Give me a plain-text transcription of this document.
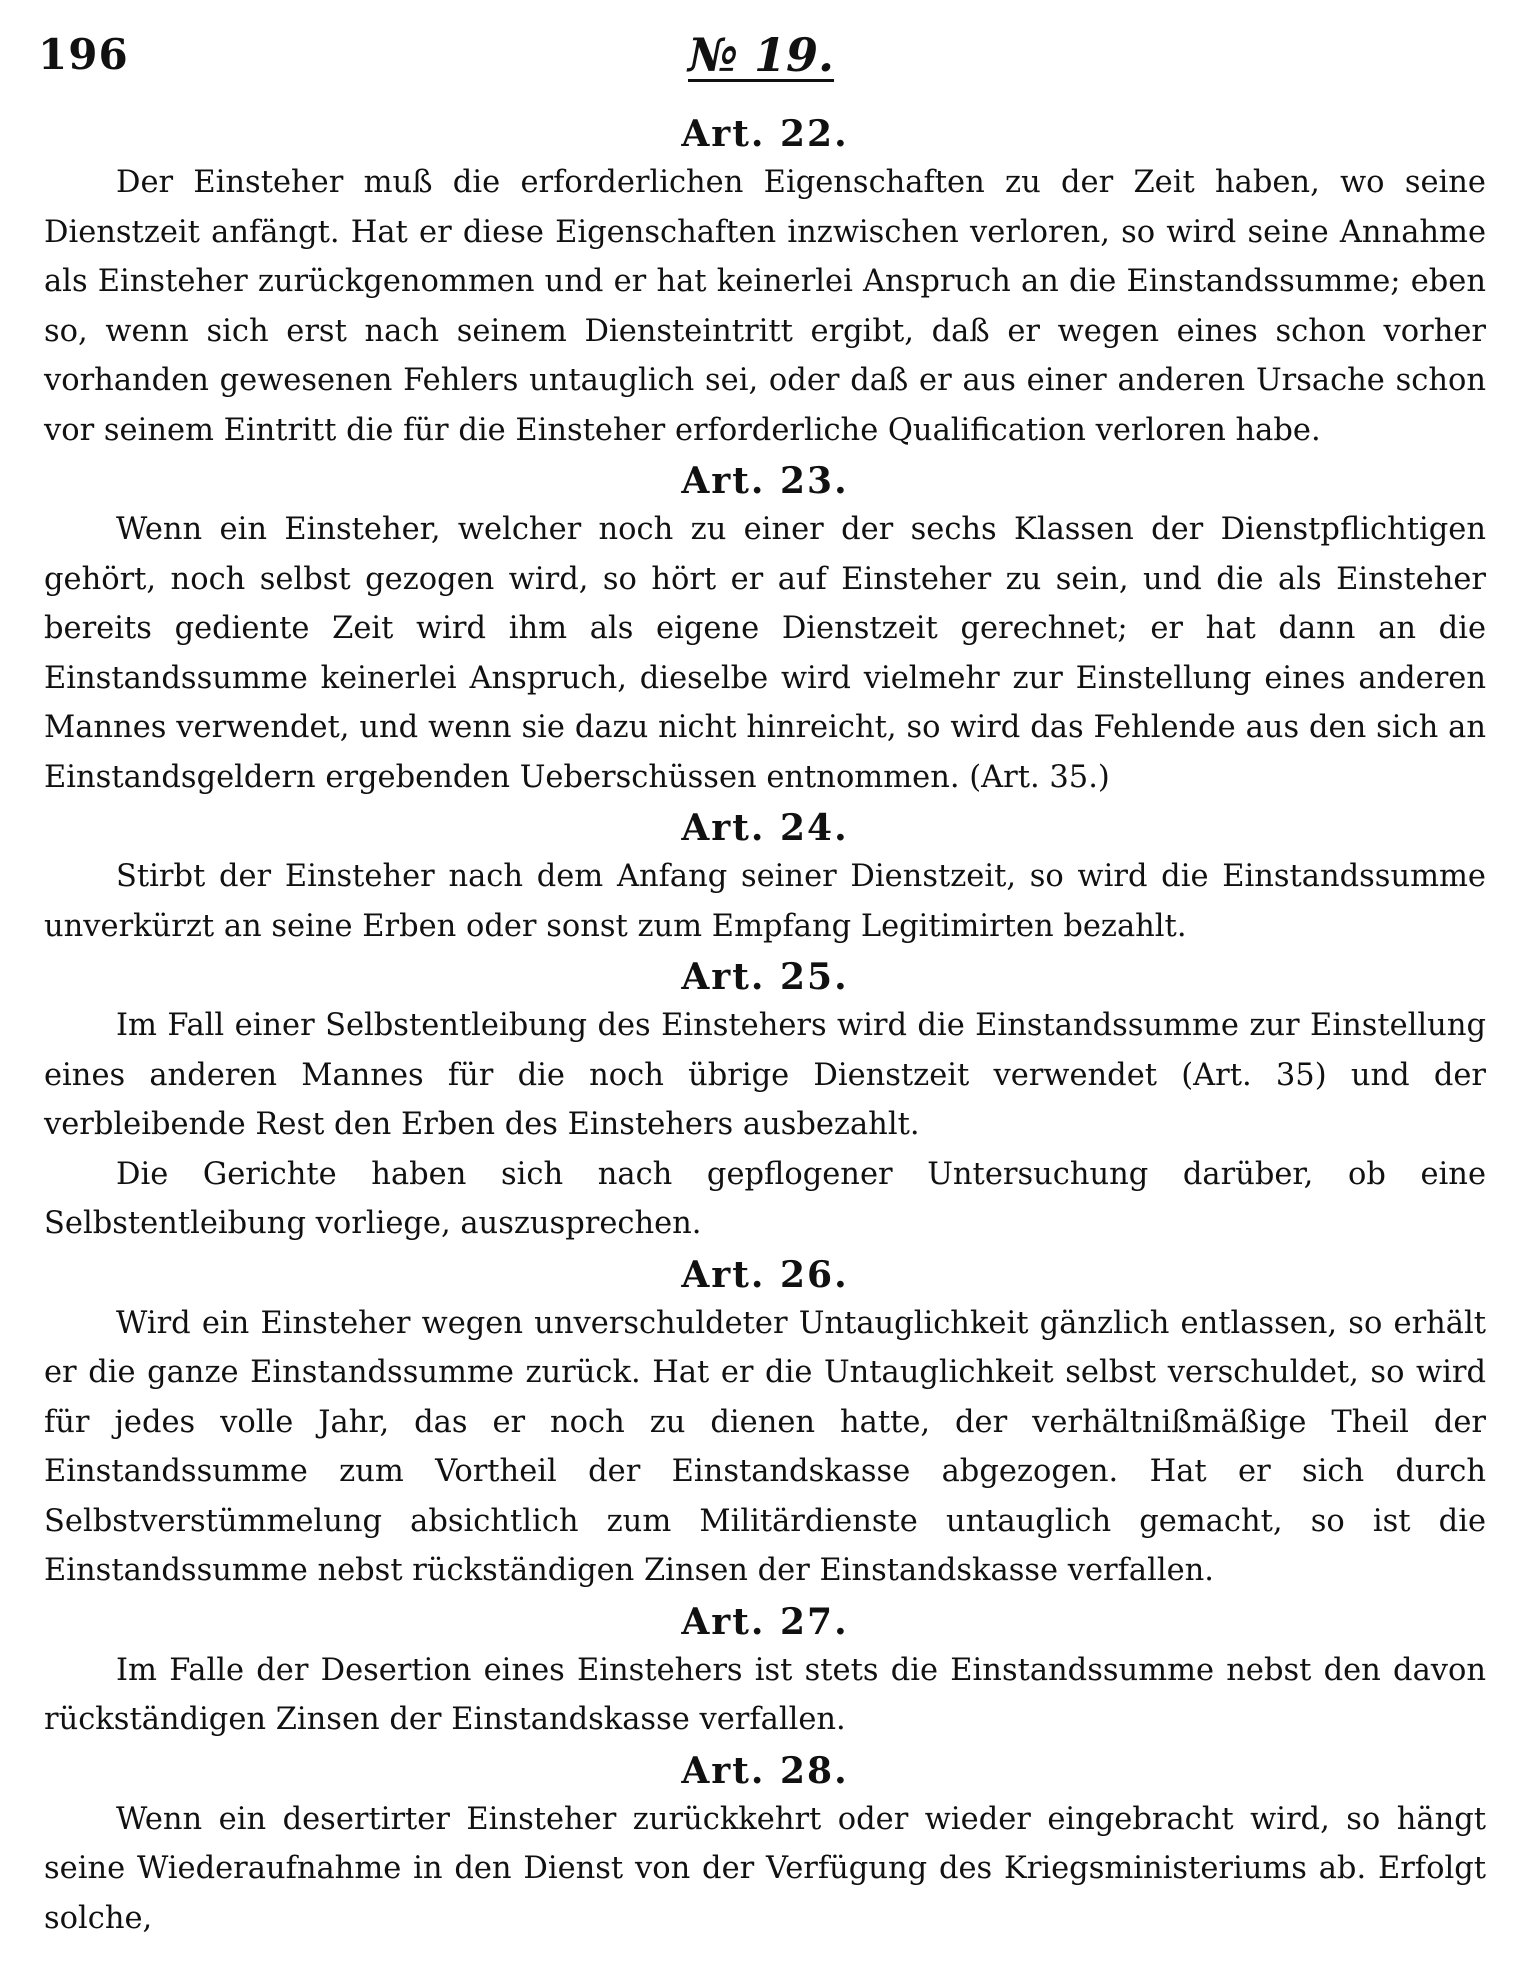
196	№ 19.
Art. 22.

Der Einsteher muß die erforderlichen Eigenschaften zu der Zeit haben, wo seine Dienstzeit anfängt. Hat er diese Eigenschaften inzwischen verloren, so wird seine Annahme als Einsteher zurückgenommen und er hat keinerlei Anspruch an die Einstandssumme; eben so, wenn sich erst nach seinem Diensteintritt ergibt, daß er wegen eines schon vorher vorhanden gewesenen Fehlers untauglich sei, oder daß er aus einer anderen Ursache schon vor seinem Eintritt die für die Einsteher erforderliche Qualification verloren habe.

Art. 23.

Wenn ein Einsteher, welcher noch zu einer der sechs Klassen der Dienstpflichtigen gehört, noch selbst gezogen wird, so hört er auf Einsteher zu sein, und die als Einsteher bereits gediente Zeit wird ihm als eigene Dienstzeit gerechnet; er hat dann an die Einstandssumme keinerlei Anspruch, dieselbe wird vielmehr zur Einstellung eines anderen Mannes verwendet, und wenn sie dazu nicht hinreicht, so wird das Fehlende aus den sich an Einstandsgeldern ergebenden Ueberschüssen entnommen. (Art. 35.)

Art. 24.

Stirbt der Einsteher nach dem Anfang seiner Dienstzeit, so wird die Einstandssumme unverkürzt an seine Erben oder sonst zum Empfang Legitimirten bezahlt.

Art. 25.

Im Fall einer Selbstentleibung des Einstehers wird die Einstandssumme zur Einstellung eines anderen Mannes für die noch übrige Dienstzeit verwendet (Art. 35) und der verbleibende Rest den Erben des Einstehers ausbezahlt.

Die Gerichte haben sich nach gepflogener Untersuchung darüber, ob eine Selbstentleibung vorliege, auszusprechen.

Art. 26.

Wird ein Einsteher wegen unverschuldeter Untauglichkeit gänzlich entlassen, so erhält er die ganze Einstandssumme zurück. Hat er die Untauglichkeit selbst verschuldet, so wird für jedes volle Jahr, das er noch zu dienen hatte, der verhältnißmäßige Theil der Einstandssumme zum Vortheil der Einstandskasse abgezogen. Hat er sich durch Selbstverstümmelung absichtlich zum Militärdienste untauglich gemacht, so ist die Einstandssumme nebst rückständigen Zinsen der Einstandskasse verfallen.

Art. 27.

Im Falle der Desertion eines Einstehers ist stets die Einstandssumme nebst den davon rückständigen Zinsen der Einstandskasse verfallen.

Art. 28.

Wenn ein desertirter Einsteher zurückkehrt oder wieder eingebracht wird, so hängt seine Wiederaufnahme in den Dienst von der Verfügung des Kriegsministeriums ab. Erfolgt solche,
